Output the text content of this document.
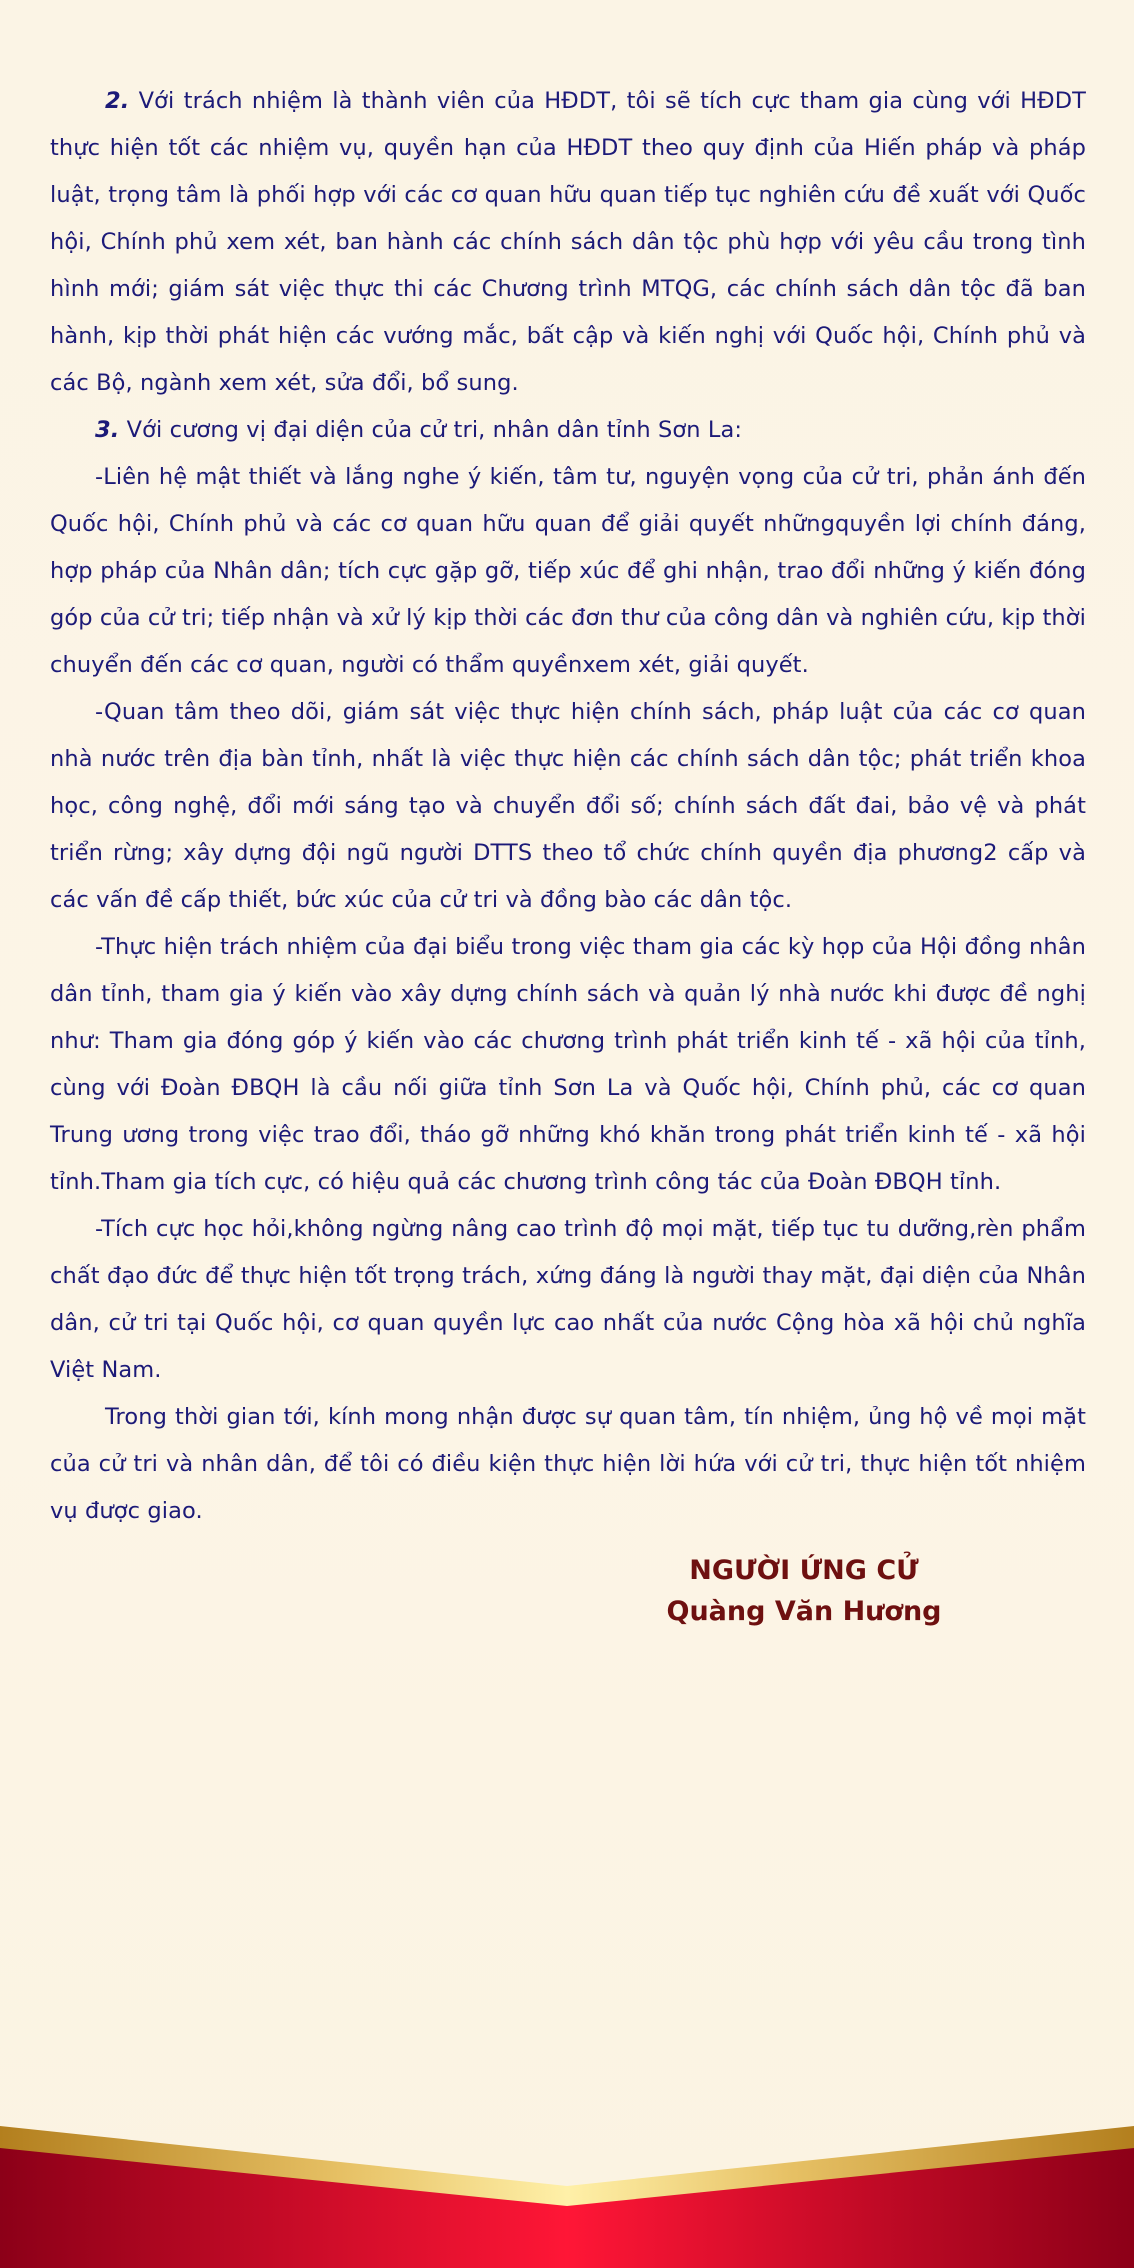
2. Với trách nhiệm là thành viên của HĐDT, tôi sẽ tích cực tham gia cùng với HĐDT thực hiện tốt các nhiệm vụ, quyền hạn của HĐDT theo quy định của Hiến pháp và pháp luật, trọng tâm là phối hợp với các cơ quan hữu quan tiếp tục nghiên cứu đề xuất với Quốc hội, Chính phủ xem xét, ban hành các chính sách dân tộc phù hợp với yêu cầu trong tình hình mới; giám sát việc thực thi các Chương trình MTQG, các chính sách dân tộc đã ban hành, kịp thời phát hiện các vướng mắc, bất cập và kiến nghị với Quốc hội, Chính phủ và các Bộ, ngành xem xét, sửa đổi, bổ sung.

3. Với cương vị đại diện của cử tri, nhân dân tỉnh Sơn La:

-Liên hệ mật thiết và lắng nghe ý kiến, tâm tư, nguyện vọng của cử tri, phản ánh đến Quốc hội, Chính phủ và các cơ quan hữu quan để giải quyết nhữngquyền lợi chính đáng, hợp pháp của Nhân dân; tích cực gặp gỡ, tiếp xúc để ghi nhận, trao đổi những ý kiến đóng góp của cử tri; tiếp nhận và xử lý kịp thời các đơn thư của công dân và nghiên cứu, kịp thời chuyển đến các cơ quan, người có thẩm quyềnxem xét, giải quyết.

-Quan tâm theo dõi, giám sát việc thực hiện chính sách, pháp luật của các cơ quan nhà nước trên địa bàn tỉnh, nhất là việc thực hiện các chính sách dân tộc; phát triển khoa học, công nghệ, đổi mới sáng tạo và chuyển đổi số; chính sách đất đai, bảo vệ và phát triển rừng; xây dựng đội ngũ người DTTS theo tổ chức chính quyền địa phương2 cấp và các vấn đề cấp thiết, bức xúc của cử tri và đồng bào các dân tộc.

-Thực hiện trách nhiệm của đại biểu trong việc tham gia các kỳ họp của Hội đồng nhân dân tỉnh, tham gia ý kiến vào xây dựng chính sách và quản lý nhà nước khi được đề nghị như: Tham gia đóng góp ý kiến vào các chương trình phát triển kinh tế - xã hội của tỉnh, cùng với Đoàn ĐBQH là cầu nối giữa tỉnh Sơn La và Quốc hội, Chính phủ, các cơ quan Trung ương trong việc trao đổi, tháo gỡ những khó khăn trong phát triển kinh tế - xã hội tỉnh.Tham gia tích cực, có hiệu quả các chương trình công tác của Đoàn ĐBQH tỉnh.

-Tích cực học hỏi,không ngừng nâng cao trình độ mọi mặt, tiếp tục tu dưỡng,rèn phẩm chất đạo đức để thực hiện tốt trọng trách, xứng đáng là người thay mặt, đại diện của Nhân dân, cử tri tại Quốc hội, cơ quan quyền lực cao nhất của nước Cộng hòa xã hội chủ nghĩa Việt Nam.

Trong thời gian tới, kính mong nhận được sự quan tâm, tín nhiệm, ủng hộ về mọi mặt của cử tri và nhân dân, để tôi có điều kiện thực hiện lời hứa với cử tri, thực hiện tốt nhiệm vụ được giao.

NGƯỜI ỨNG CỬ
Quàng Văn Hương
